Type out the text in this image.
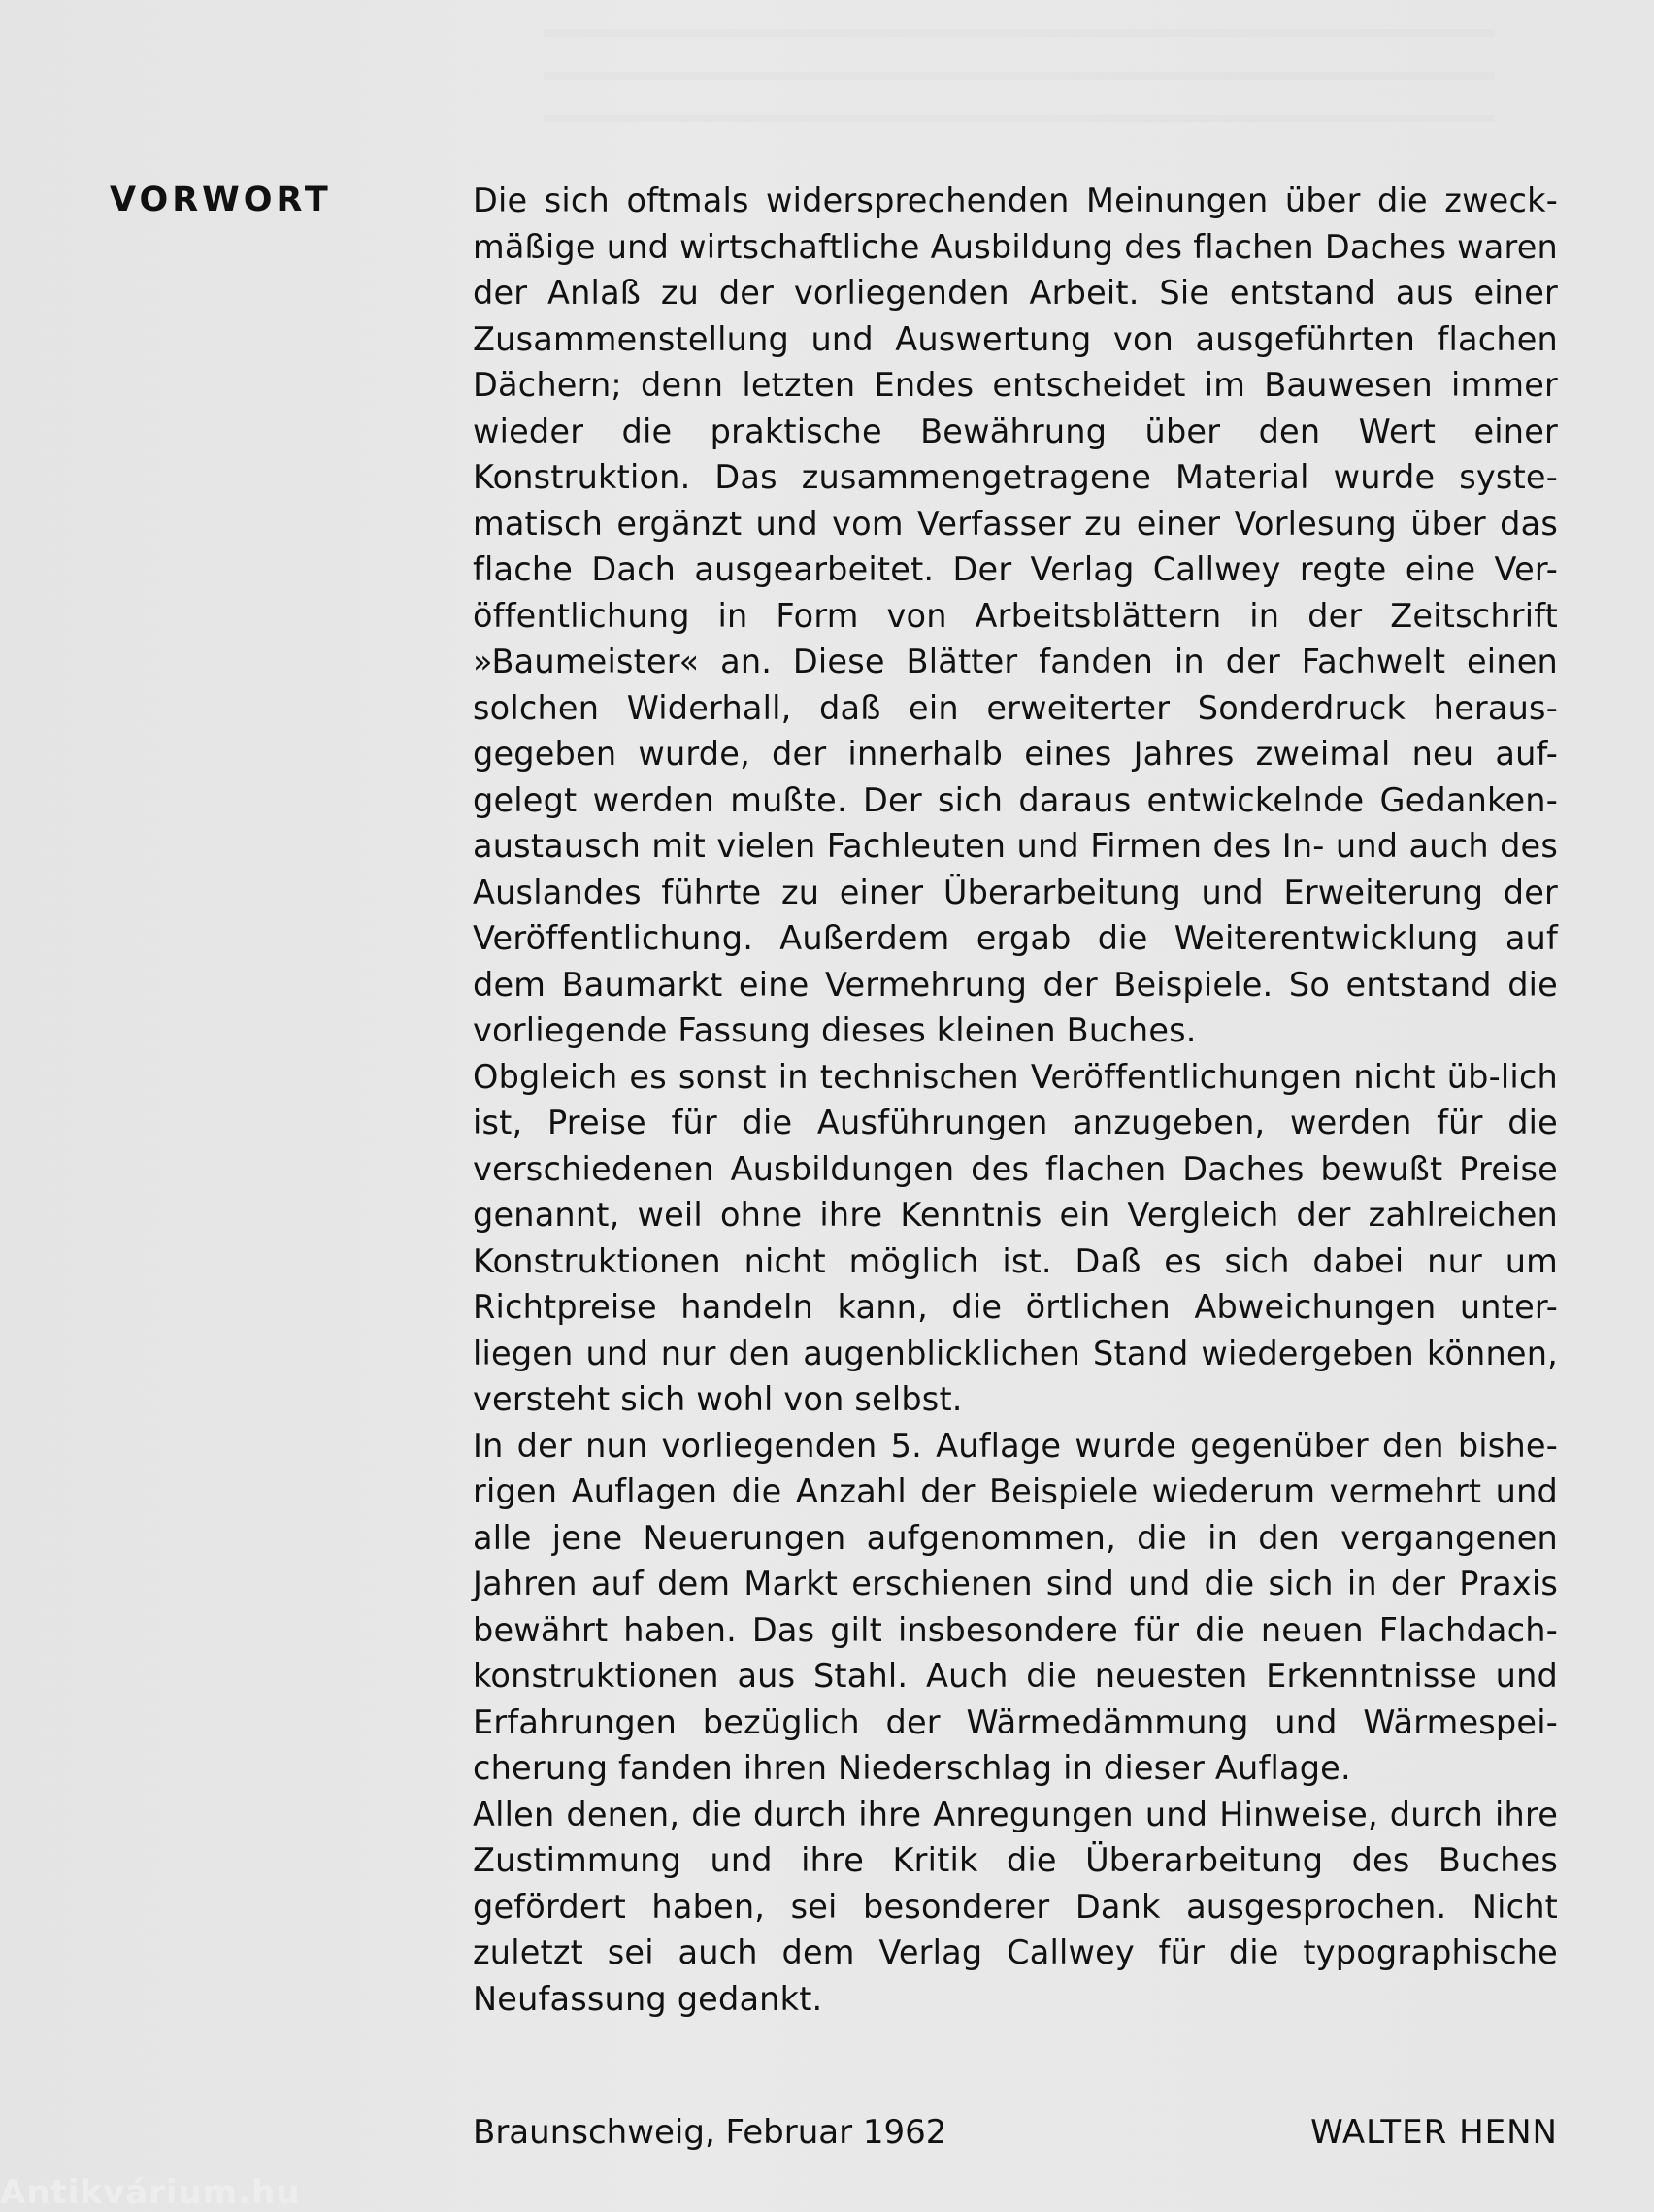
VORWORT	Die sich oftmals widersprechenden Meinungen über die zweck-mäßige und wirtschaftliche Ausbildung des flachen Daches waren der Anlaß zu der vorliegenden Arbeit. Sie entstand aus einer Zusammenstellung und Auswertung von ausgeführten flachen Dächern; denn letzten Endes entscheidet im Bauwesen immer wieder die praktische Bewährung über den Wert einer Konstruktion. Das zusammengetragene Material wurde syste-matisch ergänzt und vom Verfasser zu einer Vorlesung über das flache Dach ausgearbeitet. Der Verlag Callwey regte eine Ver-öffentlichung in Form von Arbeitsblättern in der Zeitschrift »Baumeister« an. Diese Blätter fanden in der Fachwelt einen solchen Widerhall, daß ein erweiterter Sonderdruck heraus-gegeben wurde, der innerhalb eines Jahres zweimal neu auf-gelegt werden mußte. Der sich daraus entwickelnde Gedanken-austausch mit vielen Fachleuten und Firmen des In- und auch des Auslandes führte zu einer Überarbeitung und Erweiterung der Veröffentlichung. Außerdem ergab die Weiterentwicklung auf dem Baumarkt eine Vermehrung der Beispiele. So entstand die vorliegende Fassung dieses kleinen Buches.

Obgleich es sonst in technischen Veröffentlichungen nicht üb-lich ist, Preise für die Ausführungen anzugeben, werden für die verschiedenen Ausbildungen des flachen Daches bewußt Preise genannt, weil ohne ihre Kenntnis ein Vergleich der zahlreichen Konstruktionen nicht möglich ist. Daß es sich dabei nur um Richtpreise handeln kann, die örtlichen Abweichungen unter-liegen und nur den augenblicklichen Stand wiedergeben können, versteht sich wohl von selbst.

In der nun vorliegenden 5. Auflage wurde gegenüber den bishe-rigen Auflagen die Anzahl der Beispiele wiederum vermehrt und alle jene Neuerungen aufgenommen, die in den vergangenen Jahren auf dem Markt erschienen sind und die sich in der Praxis bewährt haben. Das gilt insbesondere für die neuen Flachdach-konstruktionen aus Stahl. Auch die neuesten Erkenntnisse und Erfahrungen bezüglich der Wärmedämmung und Wärmespei-cherung fanden ihren Niederschlag in dieser Auflage.

Allen denen, die durch ihre Anregungen und Hinweise, durch ihre Zustimmung und ihre Kritik die Überarbeitung des Buches gefördert haben, sei besonderer Dank ausgesprochen. Nicht zuletzt sei auch dem Verlag Callwey für die typographische Neufassung gedankt.

Braunschweig, Februar 1962	WALTER HENN
Antikvárium.hu
